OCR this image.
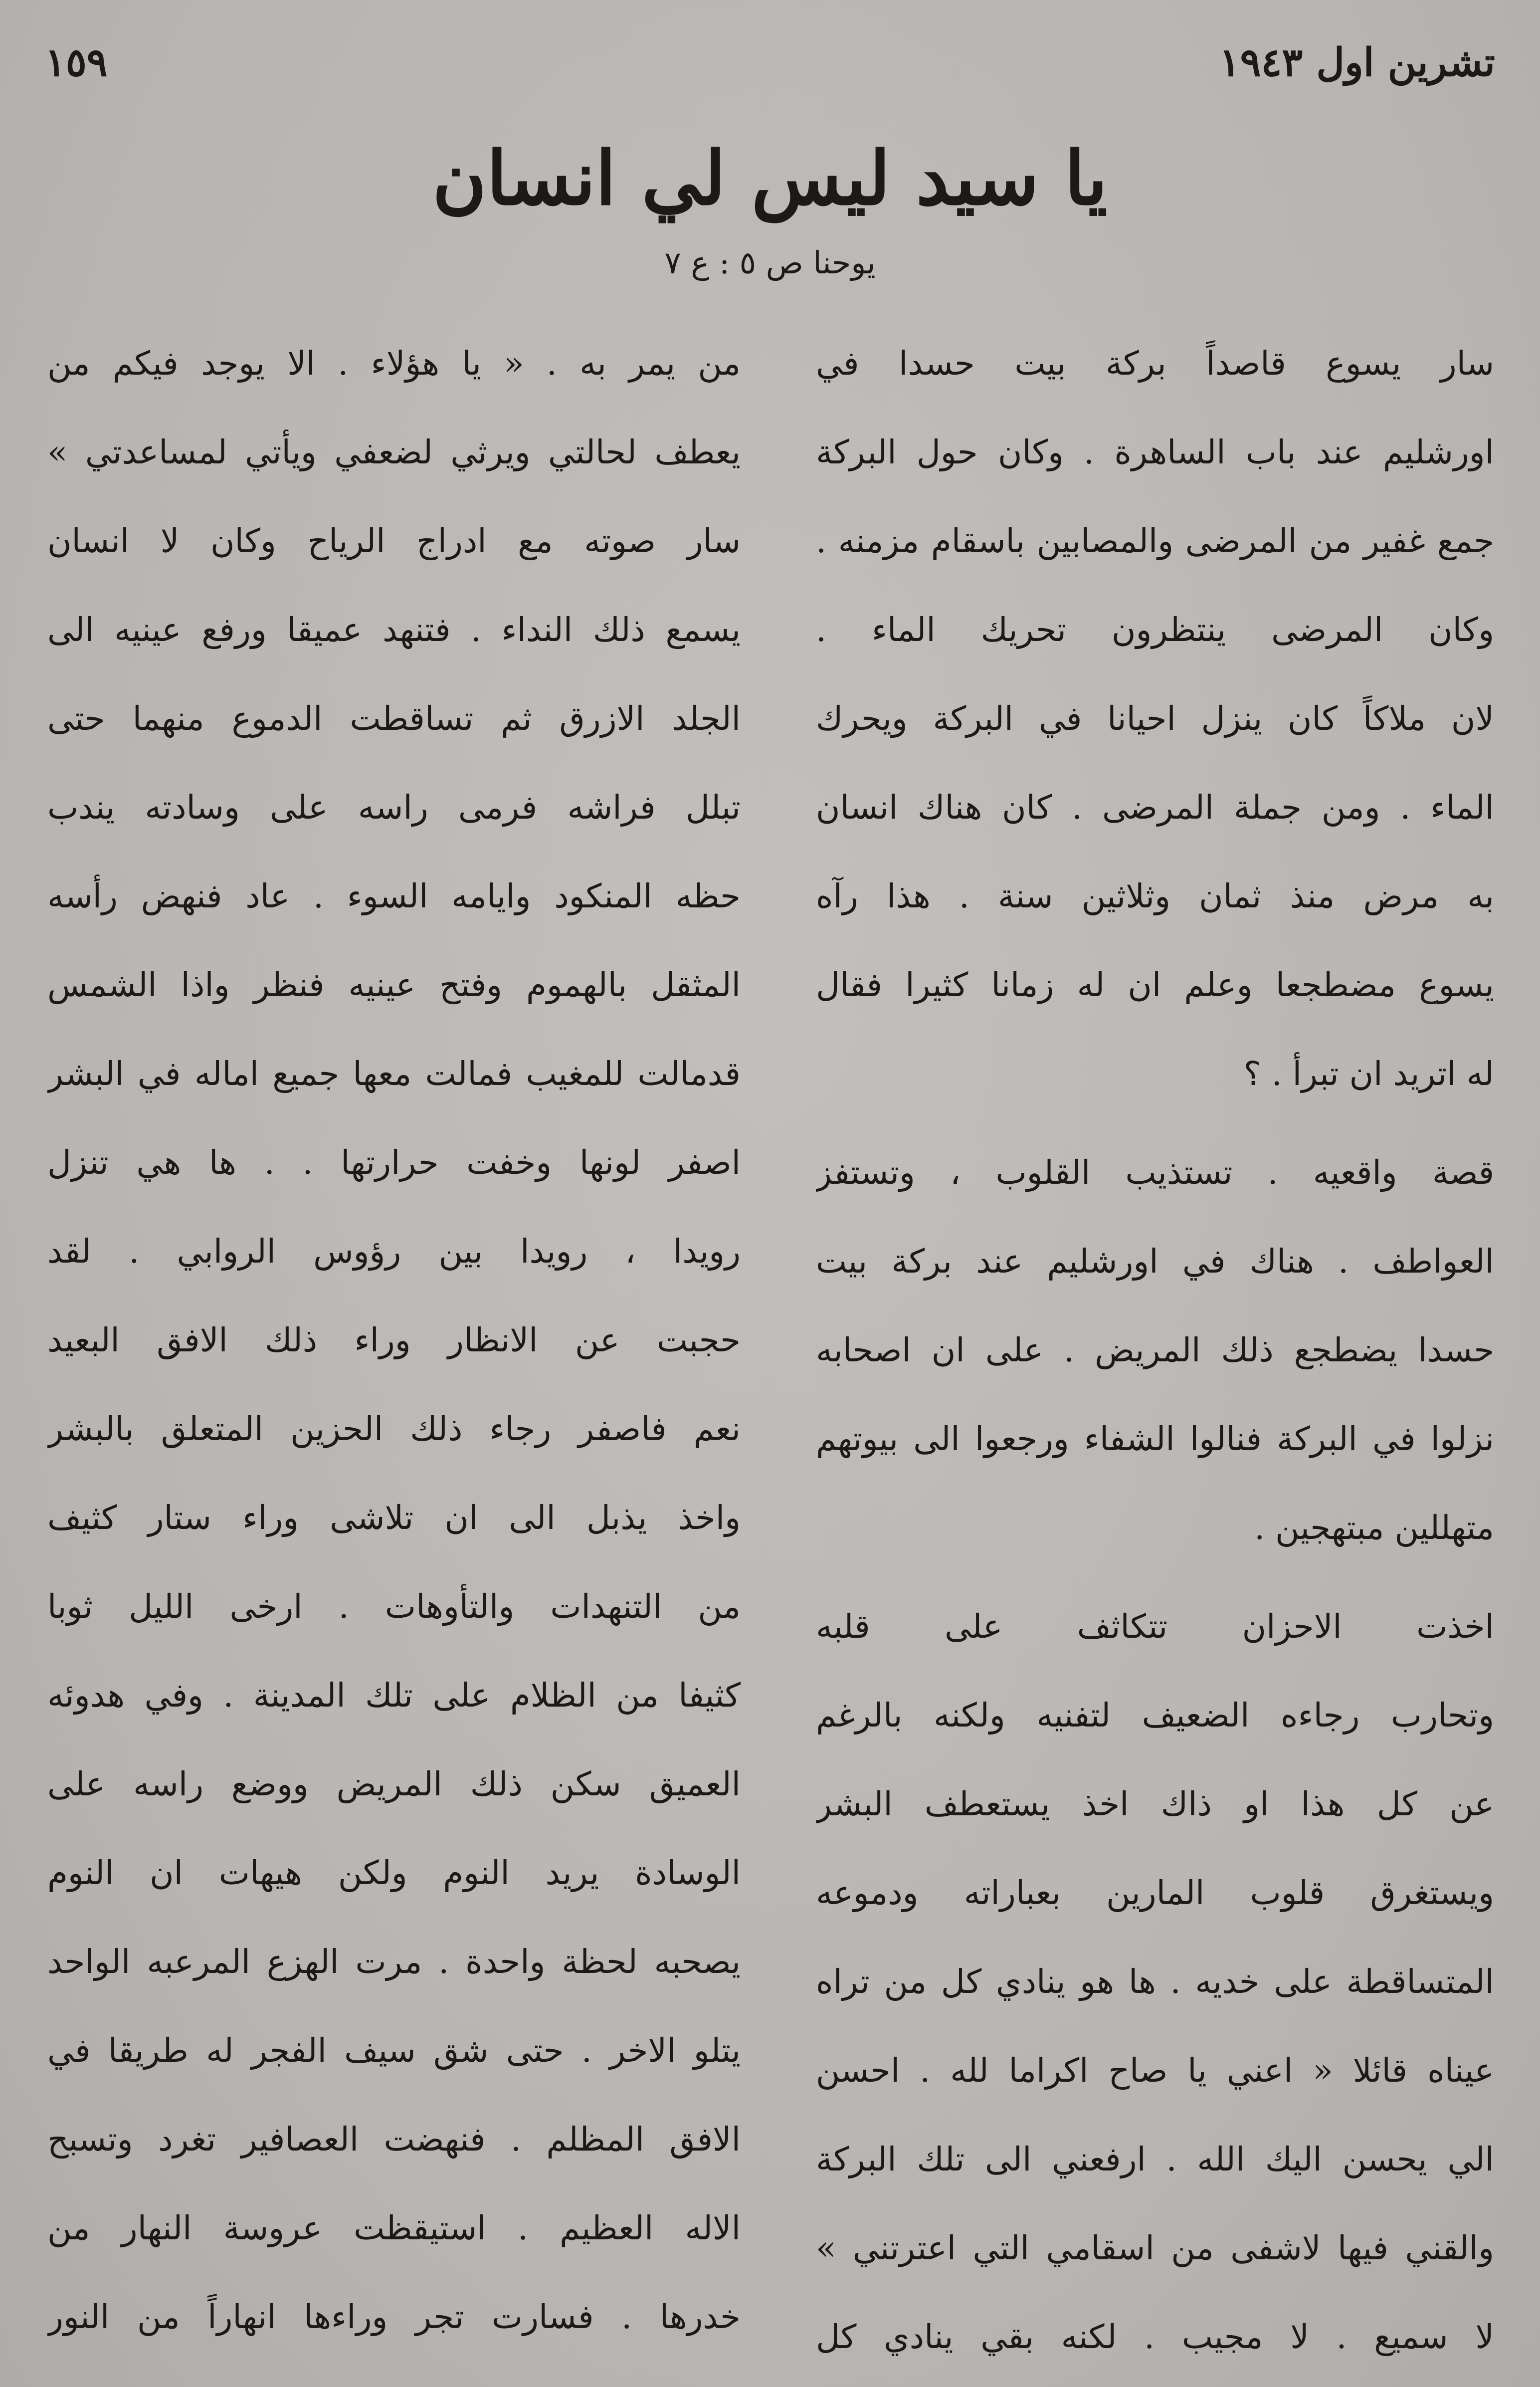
١٥٩	تشرين اول ١٩٤٣
يا سيد ليس لي انسان
يوحنا ص ٥ : ع ٧

سار يسوع قاصداً بركة بيت حسدا في
اورشليم عند باب الساهرة . وكان حول البركة
جمع غفير من المرضى والمصابين باسقام مزمنه .
وكان المرضى ينتظرون تحريك الماء .
لان ملاكاً كان ينزل احيانا في البركة ويحرك
الماء . ومن جملة المرضى . كان هناك انسان
به مرض منذ ثمان وثلاثين سنة . هذا رآه
يسوع مضطجعا وعلم ان له زمانا كثيرا فقال
له اتريد ان تبرأ . ؟

قصة واقعيه . تستذيب القلوب ، وتستفز
العواطف . هناك في اورشليم عند بركة بيت
حسدا يضطجع ذلك المريض . على ان اصحابه
نزلوا في البركة فنالوا الشفاء ورجعوا الى بيوتهم
متهللين مبتهجين .

اخذت الاحزان تتكاثف على قلبه
وتحارب رجاءه الضعيف لتفنيه ولكنه بالرغم
عن كل هذا او ذاك اخذ يستعطف البشر
ويستغرق قلوب المارين بعباراته ودموعه
المتساقطة على خديه . ها هو ينادي كل من تراه
عيناه قائلا « اعني يا صاح اكراما لله . احسن
الي يحسن اليك الله . ارفعني الى تلك البركة
والقني فيها لاشفى من اسقامي التي اعترتني »
لا سميع . لا مجيب . لكنه بقي ينادي كل

من يمر به . « يا هؤلاء . الا يوجد فيكم من
يعطف لحالتي ويرثي لضعفي ويأتي لمساعدتي »
سار صوته مع ادراج الرياح وكان لا انسان
يسمع ذلك النداء . فتنهد عميقا ورفع عينيه الى
الجلد الازرق ثم تساقطت الدموع منهما حتى
تبلل فراشه فرمى راسه على وسادته يندب
حظه المنكود وايامه السوء . عاد فنهض رأسه
المثقل بالهموم وفتح عينيه فنظر واذا الشمس
قدمالت للمغيب فمالت معها جميع اماله في البشر
اصفر لونها وخفت حرارتها . . ها هي تنزل
رويدا ، رويدا بين رؤوس الروابي . لقد
حجبت عن الانظار وراء ذلك الافق البعيد
نعم فاصفر رجاء ذلك الحزين المتعلق بالبشر
واخذ يذبل الى ان تلاشى وراء ستار كثيف
من التنهدات والتأوهات . ارخى الليل ثوبا
كثيفا من الظلام على تلك المدينة . وفي هدوئه
العميق سكن ذلك المريض ووضع راسه على
الوسادة يريد النوم ولكن هيهات ان النوم
يصحبه لحظة واحدة . مرت الهزع المرعبه الواحد
يتلو الاخر . حتى شق سيف الفجر له طريقا في
الافق المظلم . فنهضت العصافير تغرد وتسبح
الاله العظيم . استيقظت عروسة النهار من
خدرها . فسارت تجر وراءها انهاراً من النور
